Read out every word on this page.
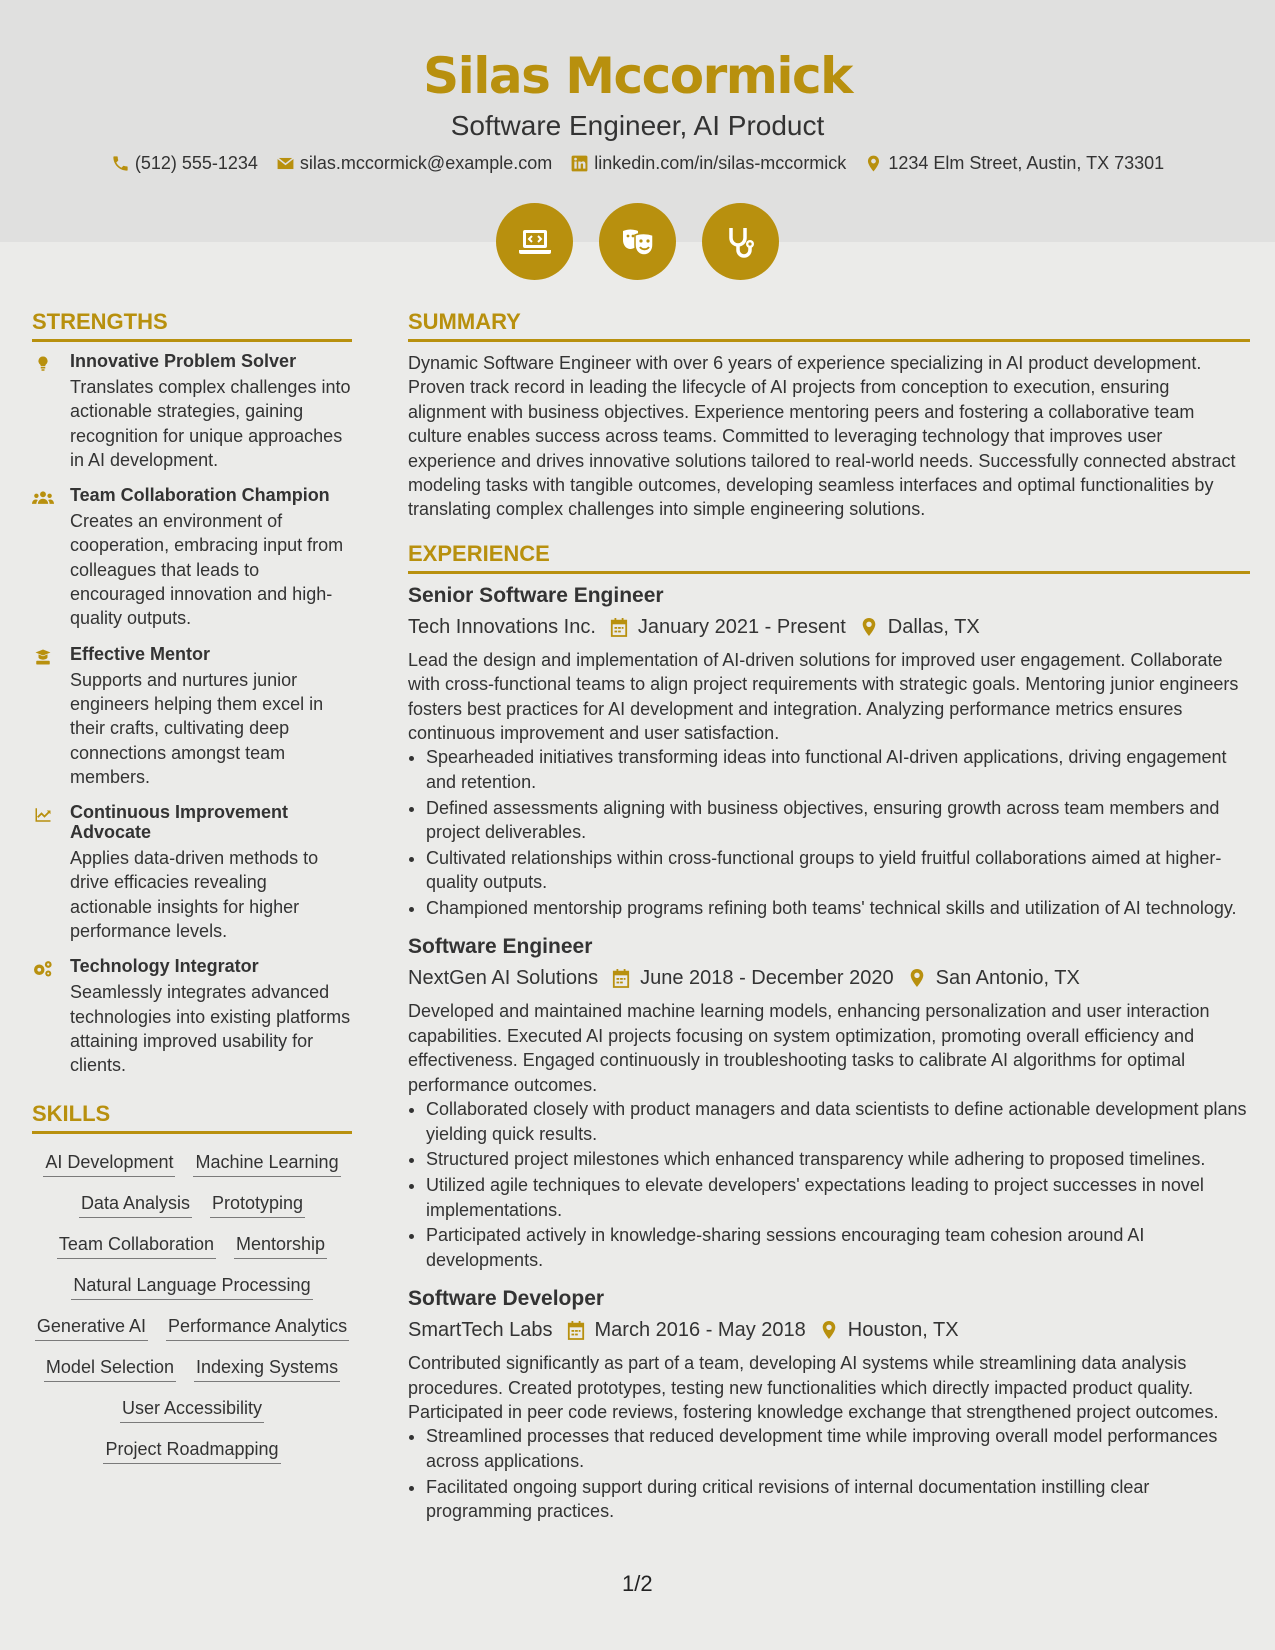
Silas Mccormick
Software Engineer, AI Product
(512) 555-1234 silas.mccormick@example.com linkedin.com/in/silas-mccormick 1234 Elm Street, Austin, TX 73301
STRENGTHS
Innovative Problem Solver
Translates complex challenges into actionable strategies, gaining recognition for unique approaches in AI development.
Team Collaboration Champion
Creates an environment of cooperation, embracing input from colleagues that leads to encouraged innovation and high-quality outputs.
Effective Mentor
Supports and nurtures junior engineers helping them excel in their crafts, cultivating deep connections amongst team members.
Continuous Improvement Advocate
Applies data-driven methods to drive efficacies revealing actionable insights for higher performance levels.
Technology Integrator
Seamlessly integrates advanced technologies into existing platforms attaining improved usability for clients.
SKILLS
AI Development Machine Learning
Data Analysis Prototyping
Team Collaboration Mentorship
Natural Language Processing
Generative AI Performance Analytics
Model Selection Indexing Systems
User Accessibility
Project Roadmapping
SUMMARY
Dynamic Software Engineer with over 6 years of experience specializing in AI product development. Proven track record in leading the lifecycle of AI projects from conception to execution, ensuring alignment with business objectives. Experience mentoring peers and fostering a collaborative team culture enables success across teams. Committed to leveraging technology that improves user experience and drives innovative solutions tailored to real-world needs. Successfully connected abstract modeling tasks with tangible outcomes, developing seamless interfaces and optimal functionalities by translating complex challenges into simple engineering solutions.
EXPERIENCE
Senior Software Engineer
Tech Innovations Inc. January 2021 - Present Dallas, TX
Lead the design and implementation of AI-driven solutions for improved user engagement. Collaborate with cross-functional teams to align project requirements with strategic goals. Mentoring junior engineers fosters best practices for AI development and integration. Analyzing performance metrics ensures continuous improvement and user satisfaction.
• Spearheaded initiatives transforming ideas into functional AI-driven applications, driving engagement and retention.
• Defined assessments aligning with business objectives, ensuring growth across team members and project deliverables.
• Cultivated relationships within cross-functional groups to yield fruitful collaborations aimed at higher-quality outputs.
• Championed mentorship programs refining both teams' technical skills and utilization of AI technology.
Software Engineer
NextGen AI Solutions June 2018 - December 2020 San Antonio, TX
Developed and maintained machine learning models, enhancing personalization and user interaction capabilities. Executed AI projects focusing on system optimization, promoting overall efficiency and effectiveness. Engaged continuously in troubleshooting tasks to calibrate AI algorithms for optimal performance outcomes.
• Collaborated closely with product managers and data scientists to define actionable development plans yielding quick results.
• Structured project milestones which enhanced transparency while adhering to proposed timelines.
• Utilized agile techniques to elevate developers' expectations leading to project successes in novel implementations.
• Participated actively in knowledge-sharing sessions encouraging team cohesion around AI developments.
Software Developer
SmartTech Labs March 2016 - May 2018 Houston, TX
Contributed significantly as part of a team, developing AI systems while streamlining data analysis procedures. Created prototypes, testing new functionalities which directly impacted product quality. Participated in peer code reviews, fostering knowledge exchange that strengthened project outcomes.
• Streamlined processes that reduced development time while improving overall model performances across applications.
• Facilitated ongoing support during critical revisions of internal documentation instilling clear programming practices.
1/2
